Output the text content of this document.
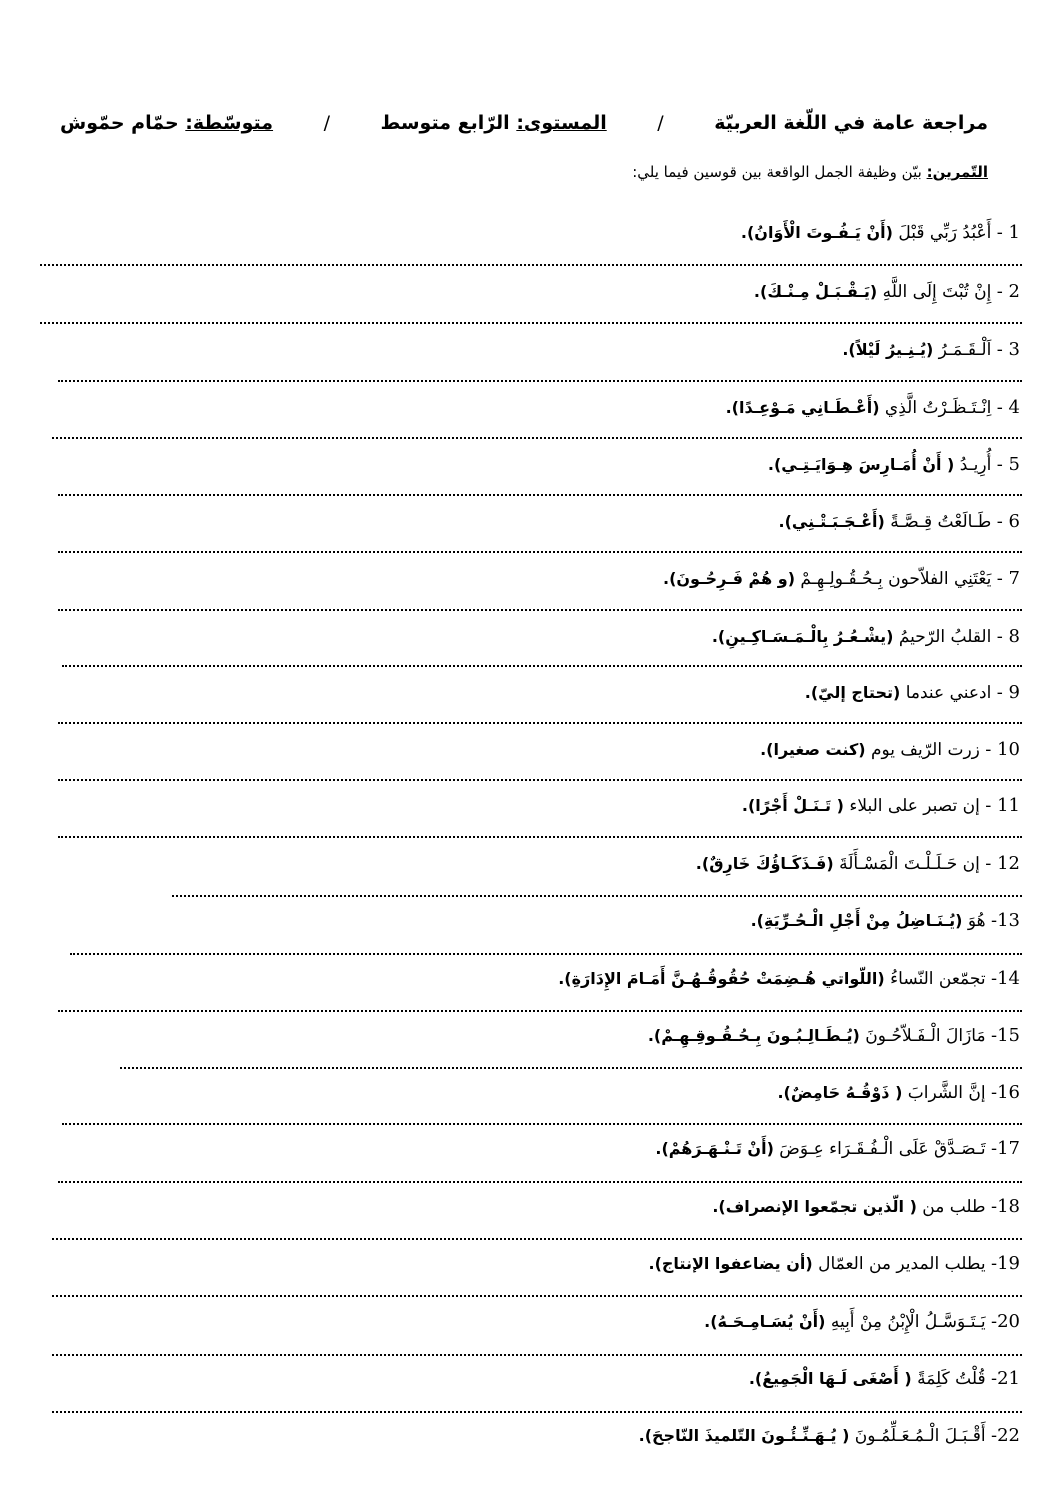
مراجعة عامة في اللّغة العربيّة
/
المستوى: الرّابع متوسط
/
متوسّطة: حمّام حمّوش
التّمرين: بيّن وظيفة الجمل الواقعة بين قوسين فيما يلي:
1 - أَعْبُدُ رَبِّي قَبْلَ (أَنْ يَـفُـوتَ الْأَوَانُ).
2 - إِنْ تُبْتَ إِلَى اللَّهِ (يَـقْـبَـلْ مِـنْـكَ).
3 - اَلْـقَـمَـرُ (يُـنِـيرُ لَيْلاً).
4 - اِنْـتَـظَـرْتُ الَّذِي (أَعْـطَـانِي مَـوْعِـدًا).
5 - أُرِيـدُ ( أَنْ أُمَـارِسَ هِـوَايَـتِـي).
6 - طَـالَعْتُ قِـصَّـةً (أَعْـجَـبَـتْـنِي).
7 - يَعْتَنِي الفلاّحون بِـحُـقُـولِـهِـمْ (و هُمْ فَـرِحُـونَ).
8 - القلبُ الرّحيمُ (يشْـعُـرُ بِالْـمَـسَـاكِـينِ).
9 - ادعني عندما (تحتاج إليّ).
10 - زرت الرّيف يوم (كنت صغيرا).
11 - إن تصبر على البلاء ( تَـنَـلْ أَجْرًا).
12 - إن حَـلَـلْـتَ الْمَسْـأَلَةَ (فَـذَكَـاؤُكَ خَارِقٌ).
13- هُوَ (يُـنَـاضِلُ مِنْ أَجْلِ الْـحُـرِّيَةِ).
14- تجمّعن النّساءُ (اللّواتي هُـضِمَتْ حُقُوقُـهُـنَّ أَمَـامَ الإِدَارَةِ).
15- مَازَالَ الْـفَـلاّحُـونَ (يُـطَـالِـبُـونَ بِـحُـقُـوقِـهِـمْ).
16- إنَّ الشَّرابَ ( ذَوْقُـهُ حَامِضٌ).
17- تَـصَـدَّقْ عَلَى الْـفُـقَـرَاء عِـوَضَ (أَنْ تَـنْـهَـرَهُمْ).
18- طلب من ( الّذين تجمّعوا الإنصراف).
19- يطلب المدير من العمّال (أن يضاعفوا الإنتاج).
20- يَـتَـوَسَّـلُ الْإِبْنُ مِنْ أَبِيهِ (أَنْ يُسَـامِـحَـهُ).
21- قُلْتُ كَلِمَةً ( أَصْغَى لَـهَا الْجَمِيعُ).
22- أَقْـبَـلَ الْـمُـعَـلِّمُـونَ ( يُـهَـنِّـئُـونَ التّلميذَ النّاجحَ).
